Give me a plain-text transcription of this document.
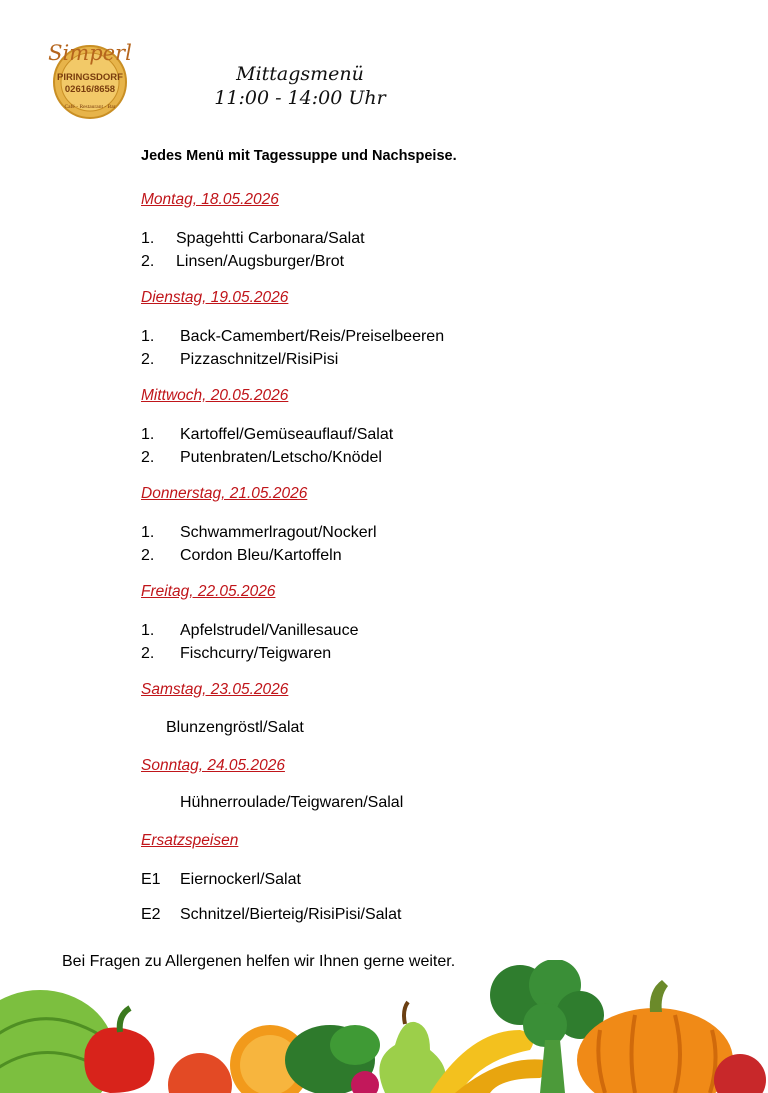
Simperl
PIRINGSDORF
02616/8658
Café - Restaurant - Bar
Mittagsmenü
11:00 - 14:00 Uhr
Jedes Menü mit Tagessuppe und Nachspeise.
Montag, 18.05.2026
1. Spagehtti Carbonara/Salat
2. Linsen/Augsburger/Brot
Dienstag, 19.05.2026
1. Back-Camembert/Reis/Preiselbeeren
2. Pizzaschnitzel/RisiPisi
Mittwoch, 20.05.2026
1. Kartoffel/Gemüseauflauf/Salat
2. Putenbraten/Letscho/Knödel
Donnerstag, 21.05.2026
1. Schwammerlragout/Nockerl
2. Cordon Bleu/Kartoffeln
Freitag, 22.05.2026
1. Apfelstrudel/Vanillesauce
2. Fischcurry/Teigwaren
Samstag, 23.05.2026
Blunzengröstl/Salat
Sonntag, 24.05.2026
Hühnerroulade/Teigwaren/Salal
Ersatzspeisen
E1 Eiernockerl/Salat
E2 Schnitzel/Bierteig/RisiPisi/Salat
Bei Fragen zu Allergenen helfen wir Ihnen gerne weiter.
